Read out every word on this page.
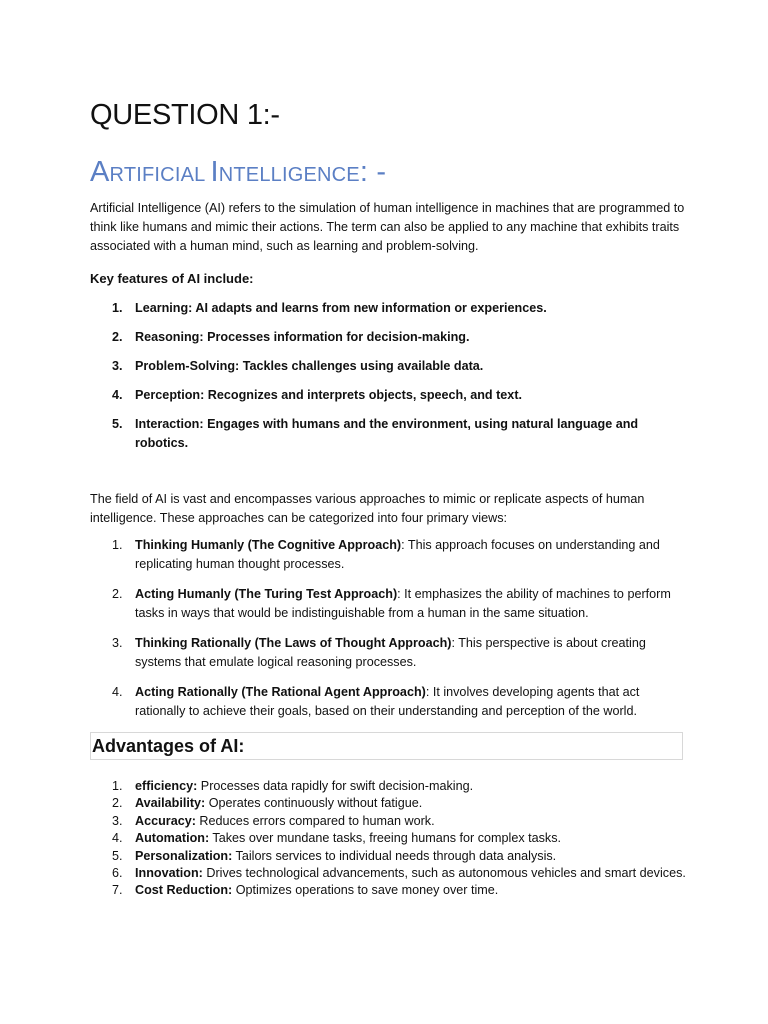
QUESTION 1:-
ARTIFICIAL INTELLIGENCE: -

Artificial Intelligence (AI) refers to the simulation of human intelligence in machines that are programmed to think like humans and mimic their actions. The term can also be applied to any machine that exhibits traits associated with a human mind, such as learning and problem-solving.

Key features of AI include:

1. Learning: AI adapts and learns from new information or experiences.
2. Reasoning: Processes information for decision-making.
3. Problem-Solving: Tackles challenges using available data.
4. Perception: Recognizes and interprets objects, speech, and text.
5. Interaction: Engages with humans and the environment, using natural language and robotics.

The field of AI is vast and encompasses various approaches to mimic or replicate aspects of human intelligence. These approaches can be categorized into four primary views:

1. Thinking Humanly (The Cognitive Approach): This approach focuses on understanding and replicating human thought processes.
2. Acting Humanly (The Turing Test Approach): It emphasizes the ability of machines to perform tasks in ways that would be indistinguishable from a human in the same situation.
3. Thinking Rationally (The Laws of Thought Approach): This perspective is about creating systems that emulate logical reasoning processes.
4. Acting Rationally (The Rational Agent Approach): It involves developing agents that act rationally to achieve their goals, based on their understanding and perception of the world.
Advantages of AI:
1. efficiency: Processes data rapidly for swift decision-making.
2. Availability: Operates continuously without fatigue.
3. Accuracy: Reduces errors compared to human work.
4. Automation: Takes over mundane tasks, freeing humans for complex tasks.
5. Personalization: Tailors services to individual needs through data analysis.
6. Innovation: Drives technological advancements, such as autonomous vehicles and smart devices.
7. Cost Reduction: Optimizes operations to save money over time.
